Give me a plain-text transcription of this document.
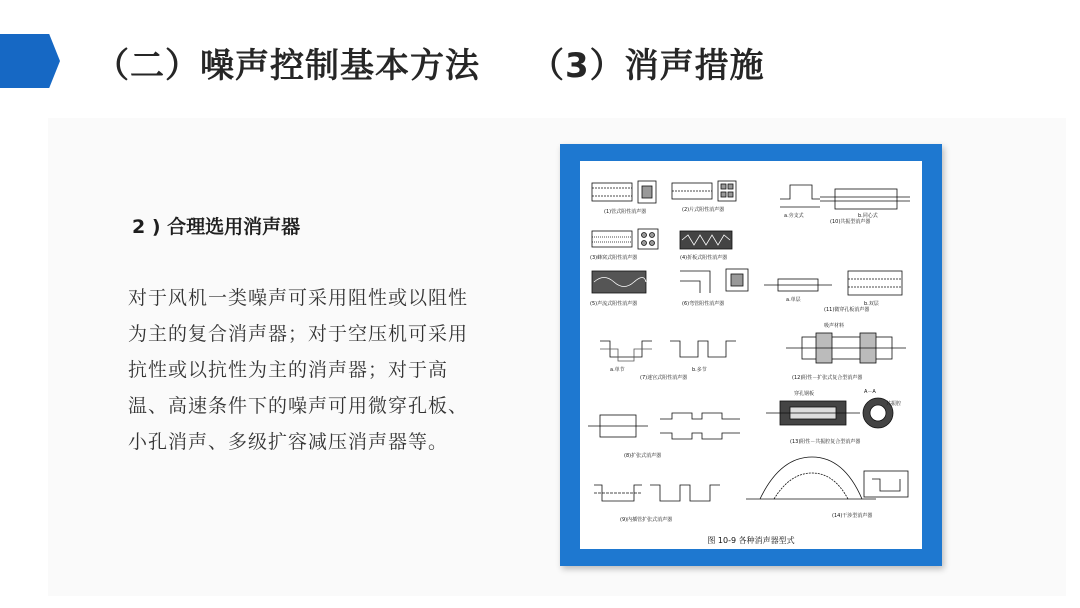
（二）噪声控制基本方法 （3）消声措施
2 ) 合理选用消声器
对于风机一类噪声可采用阻性或以阻性为主的复合消声器；对于空压机可采用抗性或以抗性为主的消声器；对于高温、高速条件下的噪声可用微穿孔板、小孔消声、多级扩容减压消声器等。
(1)管式阻性消声器	(2)片式阻性消声器
(3)蜂窝式阻性消声器	(4)折板式阻性消声器
(5)声流式阻性消声器	(6)弯管阻性消声器
(7)迷宫式阻性消声器
(8)扩张式消声器
(9)内插管扩张式消声器
(10)共振型消声器
(11)微穿孔板消声器
(12)阻性－扩张式复合型消声器
(13)阻性－共振腔复合型消声器
(14)干涉型消声器
a.旁支式	b.同心式
a.单层
b.双层
a.单节	b.多节
吸声材料
穿孔钢板	A－A
共振腔
图 10-9 各种消声器型式
